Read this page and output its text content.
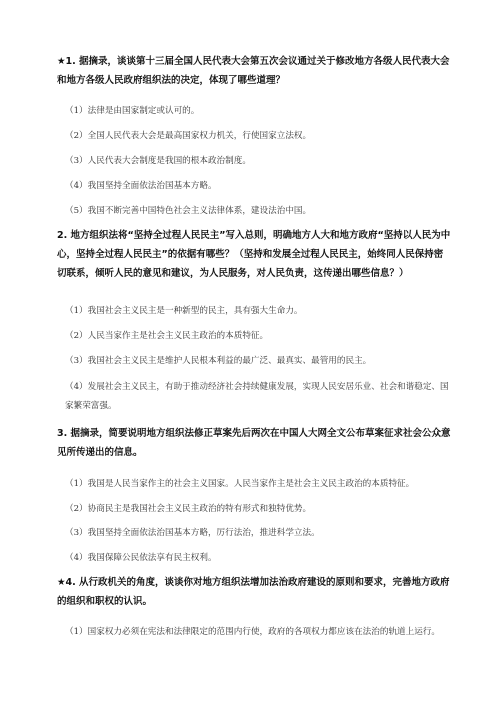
★1. 据摘录，谈谈第十三届全国人民代表大会第五次会议通过关于修改地方各级人民代表大会和地方各级人民政府组织法的决定，体现了哪些道理？

（1）法律是由国家制定或认可的。

（2）全国人民代表大会是最高国家权力机关，行使国家立法权。

（3）人民代表大会制度是我国的根本政治制度。

（4）我国坚持全面依法治国基本方略。

（5）我国不断完善中国特色社会主义法律体系，建设法治中国。

2. 地方组织法将“坚持全过程人民民主”写入总则，明确地方人大和地方政府“坚持以人民为中心，坚持全过程人民民主”的依据有哪些？（坚持和发展全过程人民民主，始终同人民保持密切联系，倾听人民的意见和建议，为人民服务，对人民负责，这传递出哪些信息？）

（1）我国社会主义民主是一种新型的民主，具有强大生命力。

（2）人民当家作主是社会主义民主政治的本质特征。

（3）我国社会主义民主是维护人民根本利益的最广泛、最真实、最管用的民主。

（4）发展社会主义民主，有助于推动经济社会持续健康发展，实现人民安居乐业、社会和谐稳定、国家繁荣富强。

3. 据摘录，简要说明地方组织法修正草案先后两次在中国人大网全文公布草案征求社会公众意见所传递出的信息。

（1）我国是人民当家作主的社会主义国家。人民当家作主是社会主义民主政治的本质特征。

（2）协商民主是我国社会主义民主政治的特有形式和独特优势。

（3）我国坚持全面依法治国基本方略，厉行法治，推进科学立法。

（4）我国保障公民依法享有民主权利。

★4. 从行政机关的角度，谈谈你对地方组织法增加法治政府建设的原则和要求，完善地方政府的组织和职权的认识。

（1）国家权力必须在宪法和法律限定的范围内行使，政府的各项权力都应该在法治的轨道上运行。
